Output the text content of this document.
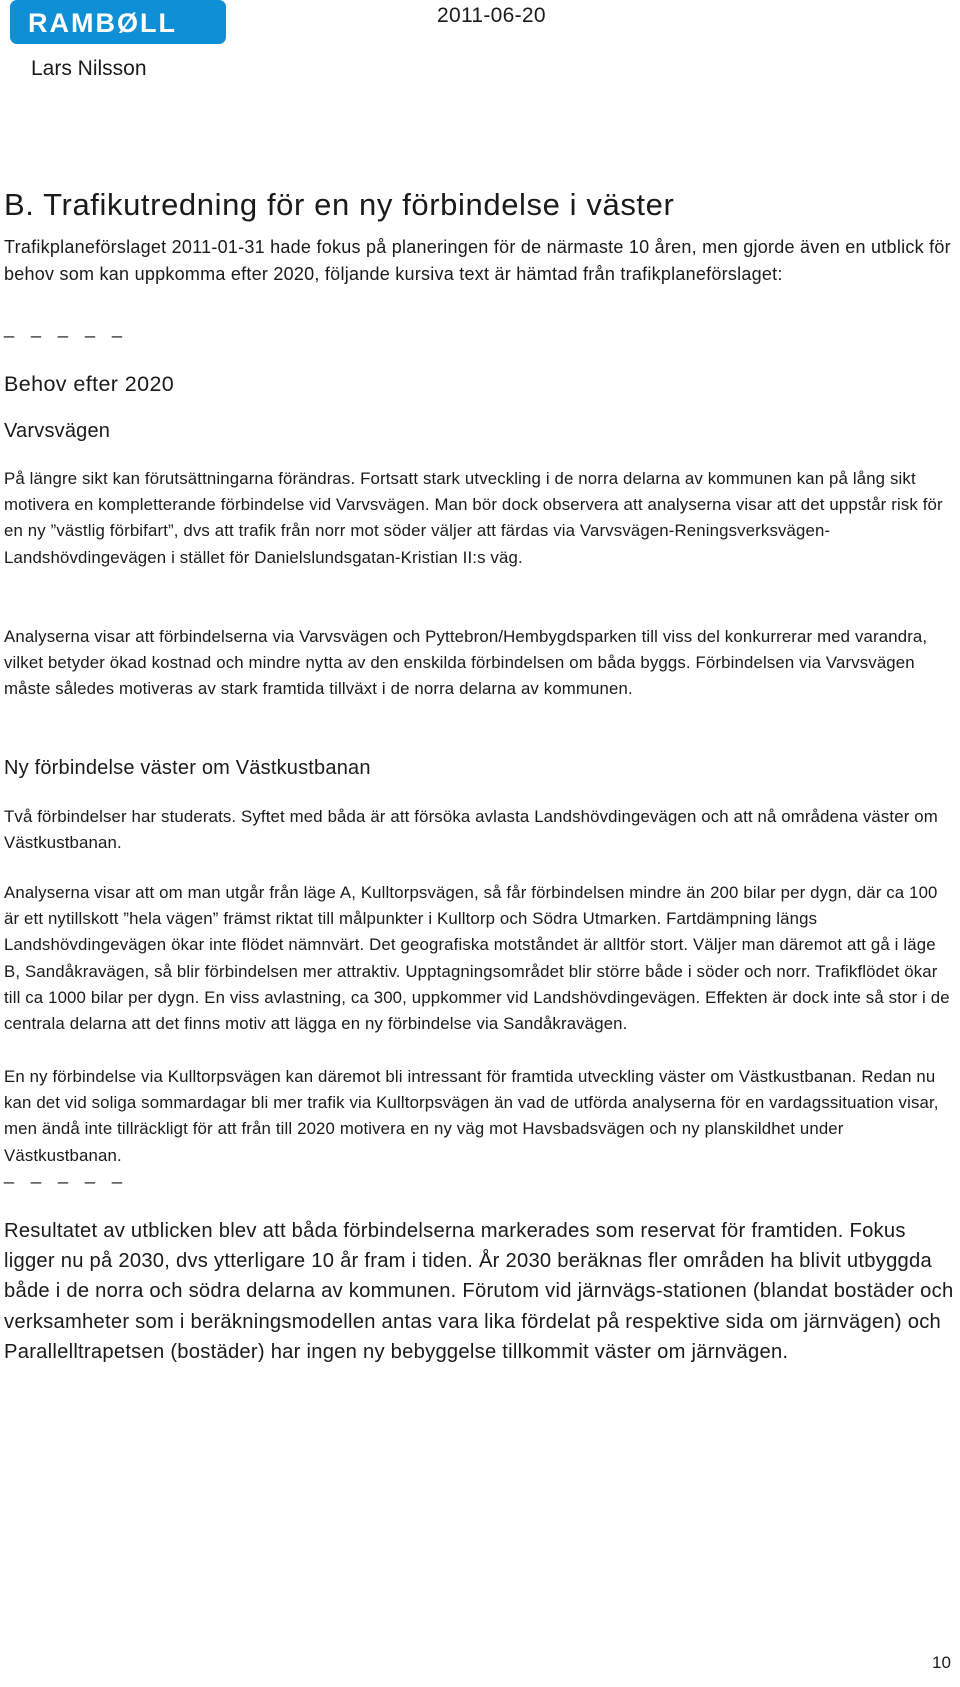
RAMBØLL	2011-06-20
Lars Nilsson
B. Trafikutredning för en ny förbindelse i väster

Trafikplaneförslaget 2011-01-31 hade fokus på planeringen för de närmaste 10 åren, men gjorde även en utblick för behov som kan uppkomma efter 2020, följande kursiva text är hämtad från trafikplaneförslaget:

_ _ _ _ _
Behov efter 2020
Varvsvägen

På längre sikt kan förutsättningarna förändras. Fortsatt stark utveckling i de norra delarna av kommunen kan på lång sikt motivera en kompletterande förbindelse vid Varvsvägen. Man bör dock observera att analyserna visar att det uppstår risk för en ny ”västlig förbifart”, dvs att trafik från norr mot söder väljer att färdas via Varvsvägen-Reningsverksvägen-Landshövdingevägen i stället för Danielslundsgatan-Kristian II:s väg.

Analyserna visar att förbindelserna via Varvsvägen och Pyttebron/Hembygdsparken till viss del konkurrerar med varandra, vilket betyder ökad kostnad och mindre nytta av den enskilda förbindelsen om båda byggs. Förbindelsen via Varvsvägen måste således motiveras av stark framtida tillväxt i de norra delarna av kommunen.

Ny förbindelse väster om Västkustbanan

Två förbindelser har studerats. Syftet med båda är att försöka avlasta Landshövdingevägen och att nå områdena väster om Västkustbanan.

Analyserna visar att om man utgår från läge A, Kulltorpsvägen, så får förbindelsen mindre än 200 bilar per dygn, där ca 100 är ett nytillskott ”hela vägen” främst riktat till målpunkter i Kulltorp och Södra Utmarken. Fartdämpning längs Landshövdingevägen ökar inte flödet nämnvärt. Det geografiska motståndet är alltför stort. Väljer man däremot att gå i läge B, Sandåkravägen, så blir förbindelsen mer attraktiv. Upptagningsområdet blir större både i söder och norr. Trafikflödet ökar till ca 1000 bilar per dygn. En viss avlastning, ca 300, uppkommer vid Landshövdingevägen. Effekten är dock inte så stor i de centrala delarna att det finns motiv att lägga en ny förbindelse via Sandåkravägen.

En ny förbindelse via Kulltorpsvägen kan däremot bli intressant för framtida utveckling väster om Västkustbanan. Redan nu kan det vid soliga sommardagar bli mer trafik via Kulltorpsvägen än vad de utförda analyserna för en vardagssituation visar, men ändå inte tillräckligt för att från till 2020 motivera en ny väg mot Havsbadsvägen och ny planskildhet under Västkustbanan.

_ _ _ _ _

Resultatet av utblicken blev att båda förbindelserna markerades som reservat för framtiden. Fokus ligger nu på 2030, dvs ytterligare 10 år fram i tiden. År 2030 beräknas fler områden ha blivit utbyggda både i de norra och södra delarna av kommunen. Förutom vid järnvägs-stationen (blandat bostäder och verksamheter som i beräkningsmodellen antas vara lika fördelat på respektive sida om järnvägen) och Parallelltrapetsen (bostäder) har ingen ny bebyggelse tillkommit väster om järnvägen.

10
